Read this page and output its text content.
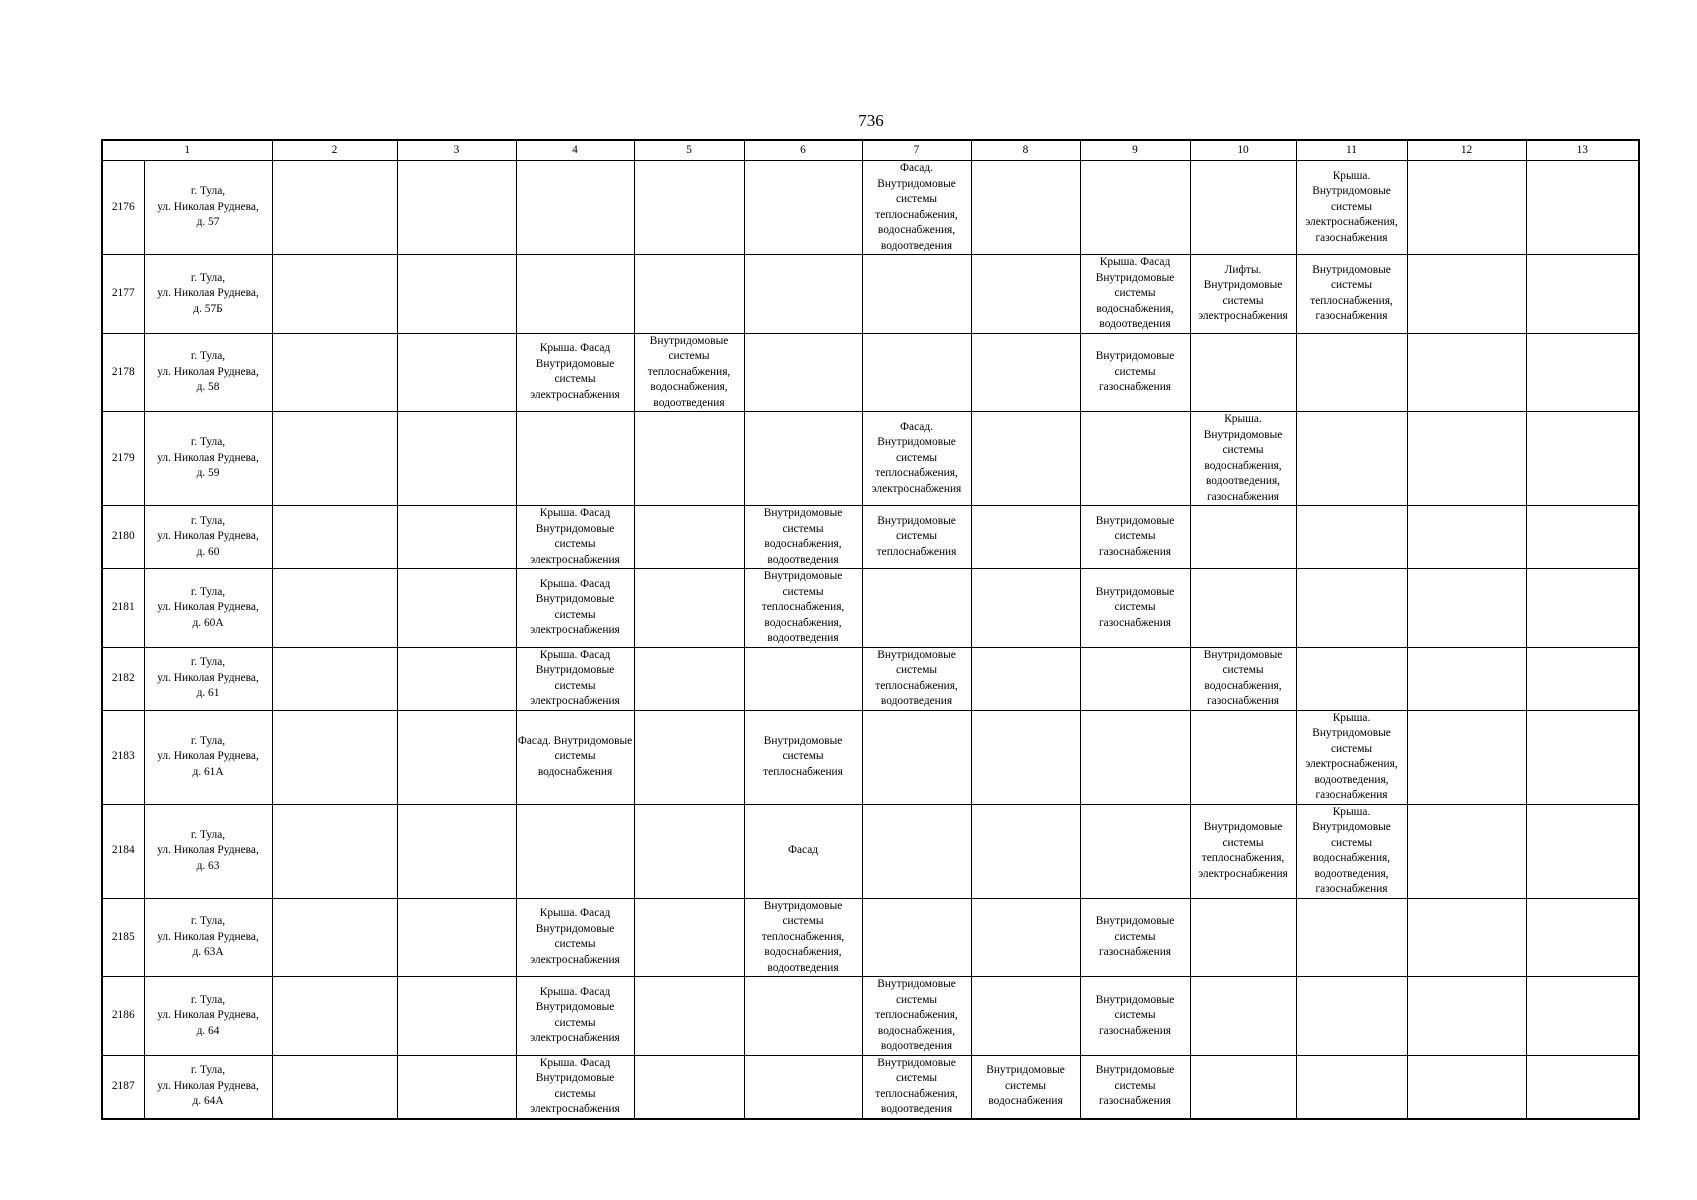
736
1		2	3	4	5	6	7	8	9	10	11	12	13
2176	г. Тула,
ул. Николая Руднева,
д. 57						Фасад. Внутридомовые системы теплоснабжения, водоснабжения, водоотведения				Крыша. Внутридомовые системы электроснабжения, газоснабжения		
2177	г. Тула,
ул. Николая Руднева,
д. 57Б								Крыша. Фасад Внутридомовые системы водоснабжения, водоотведения	Лифты. Внутридомовые системы электроснабжения	Внутридомовые системы теплоснабжения, газоснабжения		
2178	г. Тула,
ул. Николая Руднева,
д. 58			Крыша. Фасад Внутридомовые системы электроснабжения	Внутридомовые системы теплоснабжения, водоснабжения, водоотведения				Внутридомовые системы газоснабжения				
2179	г. Тула,
ул. Николая Руднева,
д. 59						Фасад. Внутридомовые системы теплоснабжения, электроснабжения			Крыша. Внутридомовые системы водоснабжения, водоотведения, газоснабжения			
2180	г. Тула,
ул. Николая Руднева,
д. 60			Крыша. Фасад Внутридомовые системы электроснабжения		Внутридомовые системы водоснабжения, водоотведения	Внутридомовые системы теплоснабжения		Внутридомовые системы газоснабжения				
2181	г. Тула,
ул. Николая Руднева,
д. 60А			Крыша. Фасад Внутридомовые системы электроснабжения		Внутридомовые системы теплоснабжения, водоснабжения, водоотведения			Внутридомовые системы газоснабжения				
2182	г. Тула,
ул. Николая Руднева,
д. 61			Крыша. Фасад Внутридомовые системы электроснабжения			Внутридомовые системы теплоснабжения, водоотведения			Внутридомовые системы водоснабжения, газоснабжения			
2183	г. Тула,
ул. Николая Руднева,
д. 61А			Фасад. Внутридомовые системы водоснабжения		Внутридомовые системы теплоснабжения					Крыша. Внутридомовые системы электроснабжения, водоотведения, газоснабжения		
2184	г. Тула,
ул. Николая Руднева,
д. 63					Фасад				Внутридомовые системы теплоснабжения, электроснабжения	Крыша. Внутридомовые системы водоснабжения, водоотведения, газоснабжения		
2185	г. Тула,
ул. Николая Руднева,
д. 63А			Крыша. Фасад Внутридомовые системы электроснабжения		Внутридомовые системы теплоснабжения, водоснабжения, водоотведения			Внутридомовые системы газоснабжения				
2186	г. Тула,
ул. Николая Руднева,
д. 64			Крыша. Фасад Внутридомовые системы электроснабжения			Внутридомовые системы теплоснабжения, водоснабжения, водоотведения		Внутридомовые системы газоснабжения				
2187	г. Тула,
ул. Николая Руднева,
д. 64А			Крыша. Фасад Внутридомовые системы электроснабжения			Внутридомовые системы теплоснабжения, водоотведения	Внутридомовые системы водоснабжения	Внутридомовые системы газоснабжения				
